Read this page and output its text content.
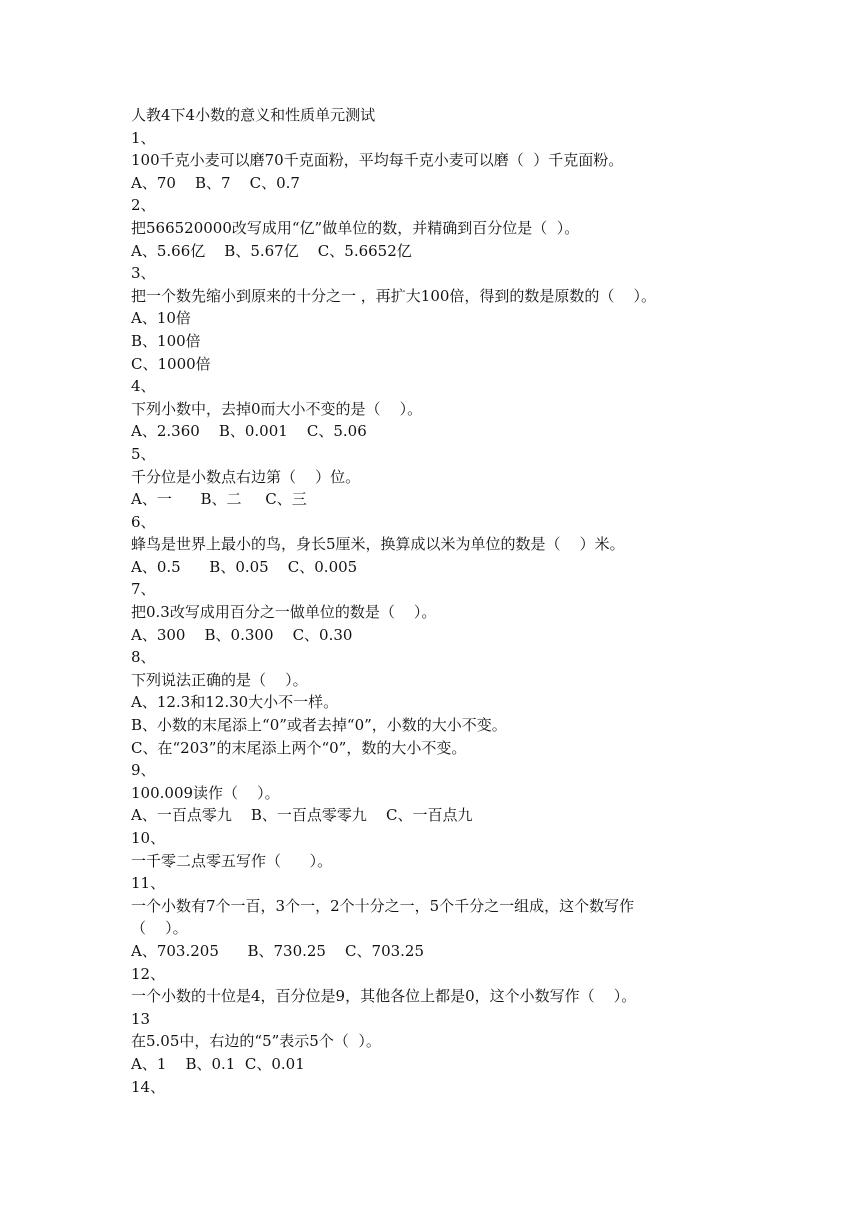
人教4下4小数的意义和性质单元测试
1、
100千克小麦可以磨70千克面粉，平均每千克小麦可以磨（  ）千克面粉。
A、70    B、7    C、0.7
2、
把566520000改写成用“亿”做单位的数，并精确到百分位是（  ）。
A、5.66亿    B、5.67亿    C、5.6652亿
3、
把一个数先缩小到原来的十分之一 ，再扩大100倍，得到的数是原数的（    ）。
A、10倍
B、100倍
C、1000倍
4、
下列小数中，去掉0而大小不变的是（    ）。
A、2.360    B、0.001    C、5.06
5、
千分位是小数点右边第（    ）位。
A、一      B、二     C、三
6、
蜂鸟是世界上最小的鸟，身长5厘米，换算成以米为单位的数是（    ）米。
A、0.5      B、0.05    C、0.005
7、
把0.3改写成用百分之一做单位的数是（    ）。
A、300    B、0.300    C、0.30
8、
下列说法正确的是（    ）。
A、12.3和12.30大小不一样。
B、小数的末尾添上“0”或者去掉“0”，小数的大小不变。
C、在“203”的末尾添上两个“0”，数的大小不变。
9、
100.009读作（    ）。
A、一百点零九    B、一百点零零九    C、一百点九
10、
一千零二点零五写作（      ）。
11、
一个小数有7个一百，3个一，2个十分之一，5个千分之一组成，这个数写作
（    ）。
A、703.205      B、730.25    C、703.25
12、
一个小数的十位是4，百分位是9，其他各位上都是0，这个小数写作（    ）。
13
在5.05中，右边的“5”表示5个（  ）。
A、1    B、0.1  C、0.01
14、
